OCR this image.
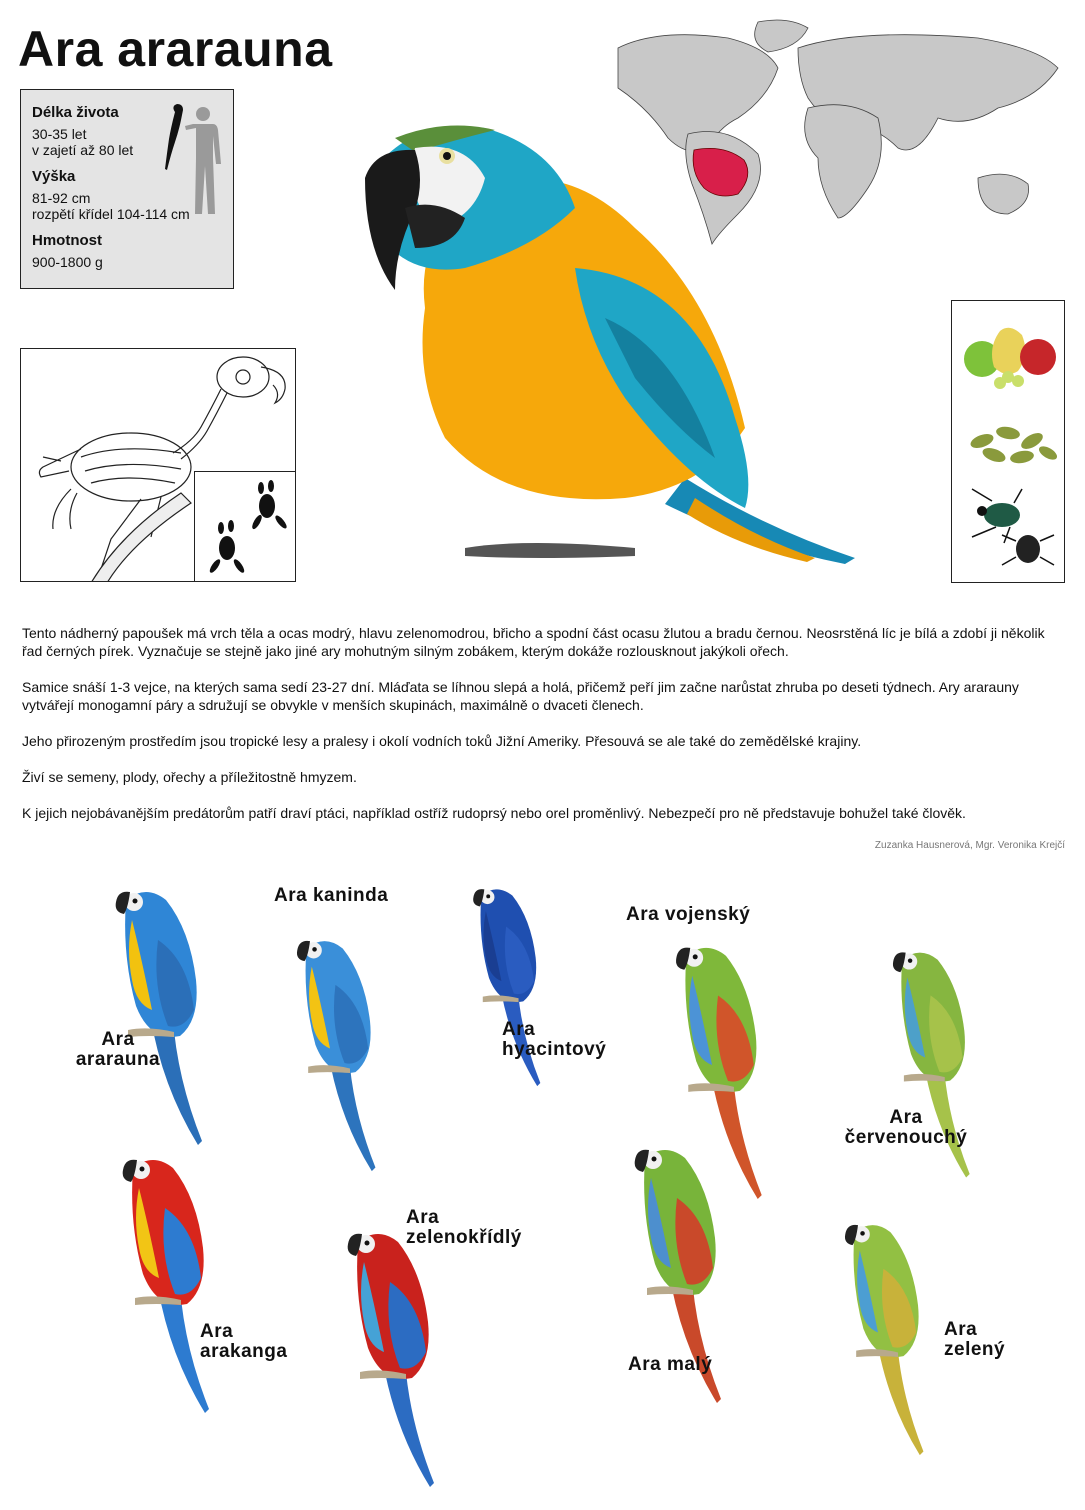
Ara ararauna
Délka života
30-35 let
v zajetí až 80 let
Výška
81-92 cm
rozpětí křídel 104-114 cm
Hmotnost
900-1800 g

Tento nádherný papoušek má vrch těla a ocas modrý, hlavu zelenomodrou, břicho a spodní část ocasu žlutou a bradu černou. Neosrstěná líc je bílá a zdobí ji několik řad černých pírek. Vyznačuje se stejně jako jiné ary mohutným silným zobákem, kterým dokáže rozlousknout jakýkoli ořech.

Samice snáší 1-3 vejce, na kterých sama sedí 23-27 dní. Mláďata se líhnou slepá a holá, přičemž peří jim začne narůstat zhruba po deseti týdnech. Ary ararauny vytvářejí monogamní páry a sdružují se obvykle v menších skupinách, maximálně o dvaceti členech.

Jeho přirozeným prostředím jsou tropické lesy a pralesy i okolí vodních toků Jižní Ameriky. Přesouvá se ale také do zemědělské krajiny.

Živí se semeny, plody, ořechy a příležitostně hmyzem.

K jejich nejobávanějším predátorům patří draví ptáci, například ostříž rudoprsý nebo orel proměnlivý. Nebezpečí pro ně představuje bohužel také člověk.

Zuzanka Hausnerová, Mgr. Veronika Krejčí
Ara
ararauna
Ara kaninda
Ara
hyacintový
Ara vojenský
Ara
červenouchý
Ara
arakanga
Ara
zelenokřídlý
Ara malý
Ara
zelený
